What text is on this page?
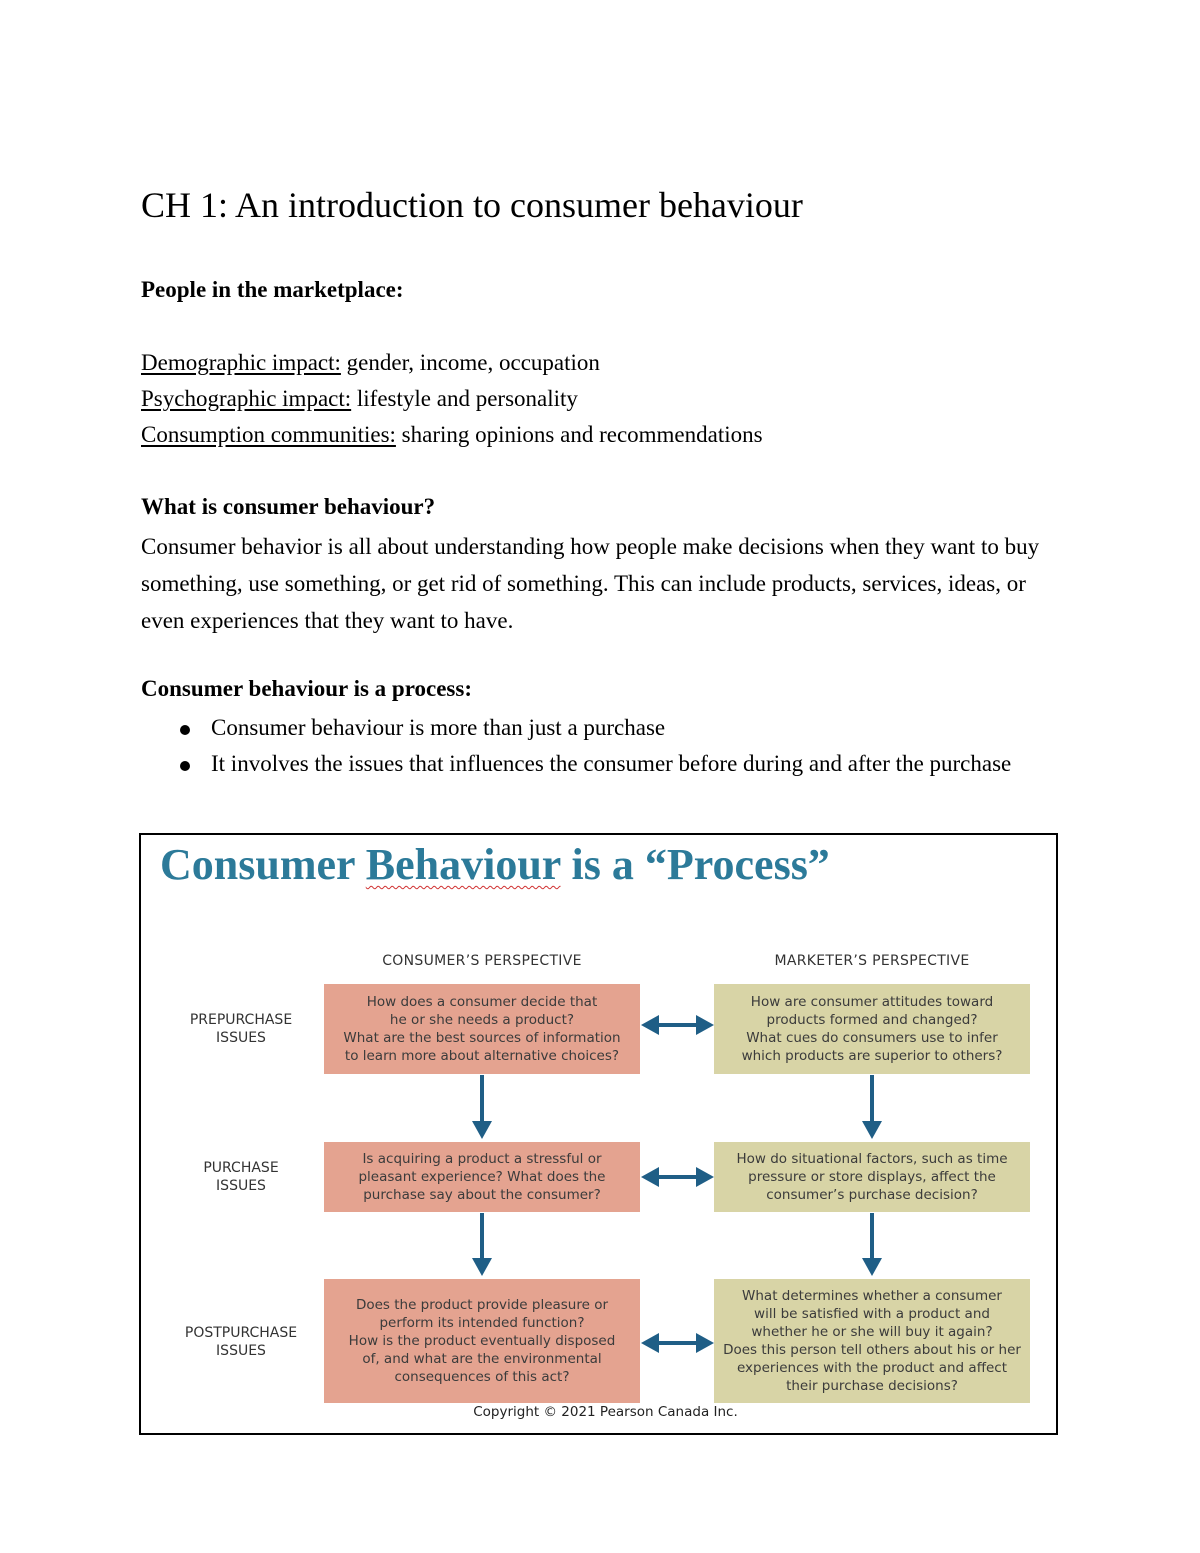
CH 1: An introduction to consumer behaviour

People in the marketplace:

Demographic impact: gender, income, occupation

Psychographic impact: lifestyle and personality

Consumption communities: sharing opinions and recommendations

What is consumer behaviour?

Consumer behavior is all about understanding how people make decisions when they want to buy something, use something, or get rid of something. This can include products, services, ideas, or even experiences that they want to have.

Consumer behaviour is a process:

Consumer behaviour is more than just a purchase
It involves the issues that influences the consumer before during and after the purchase

Consumer Behaviour is a “Process”

CONSUMER’S PERSPECTIVE	MARKETER’S PERSPECTIVE
PREPURCHASE
ISSUES
How does a consumer decide that
he or she needs a product?
What are the best sources of information
to learn more about alternative choices?
How are consumer attitudes toward
products formed and changed?
What cues do consumers use to infer
which products are superior to others?
PURCHASE
ISSUES
Is acquiring a product a stressful or
pleasant experience? What does the
purchase say about the consumer?
How do situational factors, such as time
pressure or store displays, affect the
consumer’s purchase decision?
POSTPURCHASE
ISSUES
Does the product provide pleasure or
perform its intended function?
How is the product eventually disposed
of, and what are the environmental
consequences of this act?
What determines whether a consumer
will be satisfied with a product and
whether he or she will buy it again?
Does this person tell others about his or her
experiences with the product and affect
their purchase decisions?
Copyright © 2021 Pearson Canada Inc.
